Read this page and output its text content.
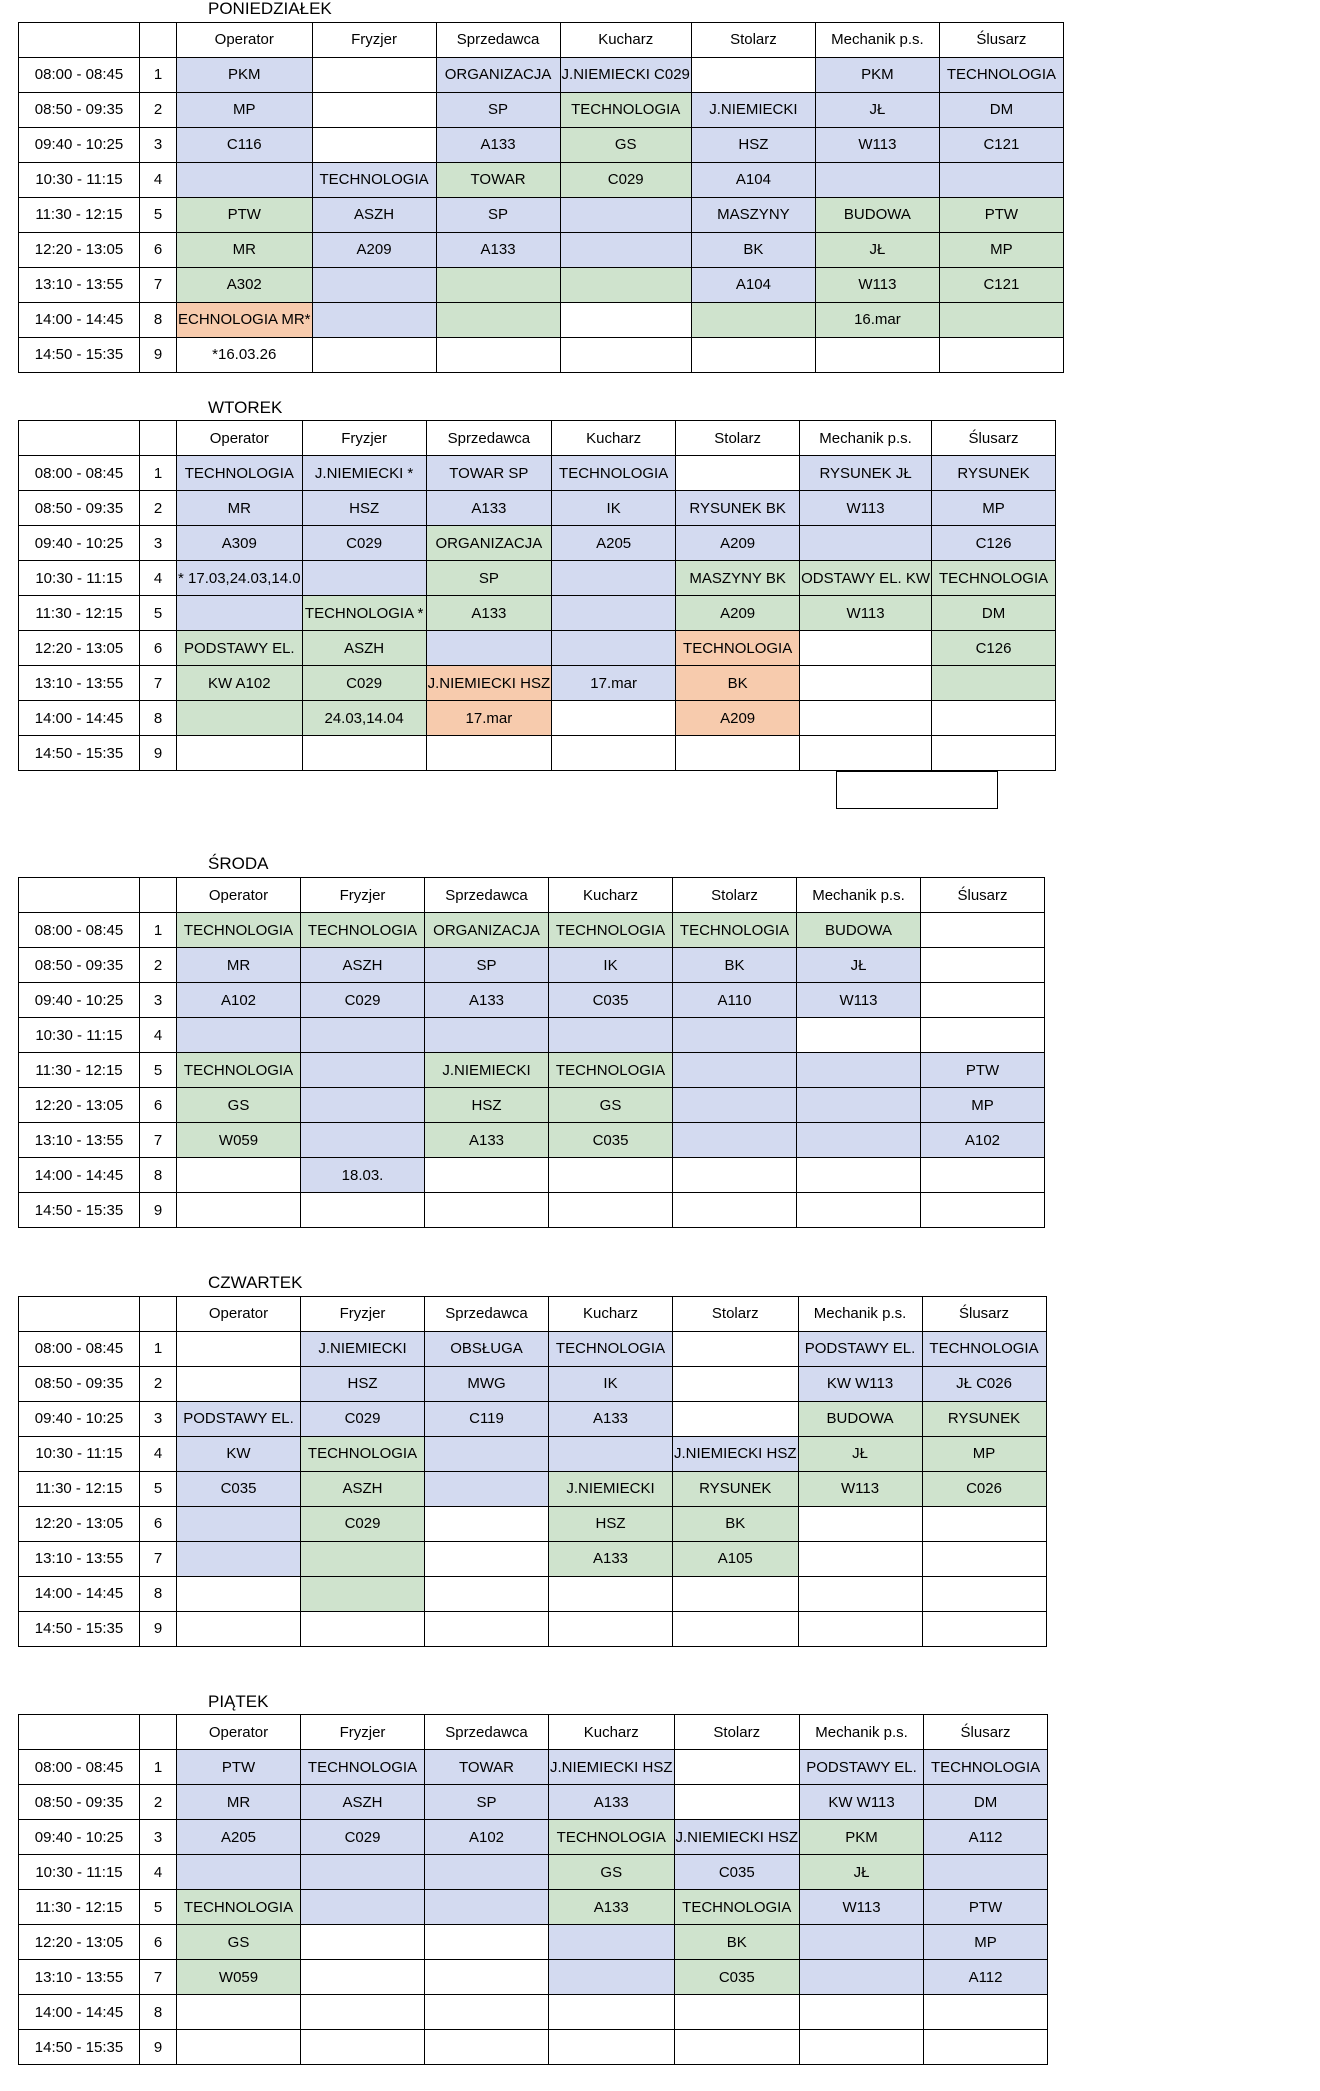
PONIEDZIAŁEK
		Operator	Fryzjer	Sprzedawca	Kucharz	Stolarz	Mechanik p.s.	Ślusarz
08:00 - 08:45	1	PKM		ORGANIZACJA	J.NIEMIECKI C029		PKM	TECHNOLOGIA
08:50 - 09:35	2	MP		SP	TECHNOLOGIA	J.NIEMIECKI	JŁ	DM
09:40 - 10:25	3	C116		A133	GS	HSZ	W113	C121
10:30 - 11:15	4		TECHNOLOGIA	TOWAR	C029	A104		
11:30 - 12:15	5	PTW	ASZH	SP		MASZYNY	BUDOWA	PTW
12:20 - 13:05	6	MR	A209	A133		BK	JŁ	MP
13:10 - 13:55	7	A302				A104	W113	C121
14:00 - 14:45	8	ECHNOLOGIA MR*					16.mar	
14:50 - 15:35	9	*16.03.26						
WTOREK
		Operator	Fryzjer	Sprzedawca	Kucharz	Stolarz	Mechanik p.s.	Ślusarz
08:00 - 08:45	1	TECHNOLOGIA	J.NIEMIECKI *	TOWAR SP	TECHNOLOGIA		RYSUNEK JŁ	RYSUNEK
08:50 - 09:35	2	MR	HSZ	A133	IK	RYSUNEK BK	W113	MP
09:40 - 10:25	3	A309	C029	ORGANIZACJA	A205	A209		C126
10:30 - 11:15	4	* 17.03,24.03,14.0		SP		MASZYNY BK	ODSTAWY EL. KW	TECHNOLOGIA
11:30 - 12:15	5		TECHNOLOGIA *	A133		A209	W113	DM
12:20 - 13:05	6	PODSTAWY EL.	ASZH			TECHNOLOGIA		C126
13:10 - 13:55	7	KW A102	C029	J.NIEMIECKI HSZ	17.mar	BK		
14:00 - 14:45	8		24.03,14.04	17.mar		A209		
14:50 - 15:35	9							
ŚRODA
		Operator	Fryzjer	Sprzedawca	Kucharz	Stolarz	Mechanik p.s.	Ślusarz
08:00 - 08:45	1	TECHNOLOGIA	TECHNOLOGIA	ORGANIZACJA	TECHNOLOGIA	TECHNOLOGIA	BUDOWA	
08:50 - 09:35	2	MR	ASZH	SP	IK	BK	JŁ	
09:40 - 10:25	3	A102	C029	A133	C035	A110	W113	
10:30 - 11:15	4							
11:30 - 12:15	5	TECHNOLOGIA		J.NIEMIECKI	TECHNOLOGIA			PTW
12:20 - 13:05	6	GS		HSZ	GS			MP
13:10 - 13:55	7	W059		A133	C035			A102
14:00 - 14:45	8		18.03.					
14:50 - 15:35	9							
CZWARTEK
		Operator	Fryzjer	Sprzedawca	Kucharz	Stolarz	Mechanik p.s.	Ślusarz
08:00 - 08:45	1		J.NIEMIECKI	OBSŁUGA	TECHNOLOGIA		PODSTAWY EL.	TECHNOLOGIA
08:50 - 09:35	2		HSZ	MWG	IK		KW W113	JŁ C026
09:40 - 10:25	3	PODSTAWY EL.	C029	C119	A133		BUDOWA	RYSUNEK
10:30 - 11:15	4	KW	TECHNOLOGIA			J.NIEMIECKI HSZ	JŁ	MP
11:30 - 12:15	5	C035	ASZH		J.NIEMIECKI	RYSUNEK	W113	C026
12:20 - 13:05	6		C029		HSZ	BK		
13:10 - 13:55	7				A133	A105		
14:00 - 14:45	8							
14:50 - 15:35	9							
PIĄTEK
		Operator	Fryzjer	Sprzedawca	Kucharz	Stolarz	Mechanik p.s.	Ślusarz
08:00 - 08:45	1	PTW	TECHNOLOGIA	TOWAR	J.NIEMIECKI HSZ		PODSTAWY EL.	TECHNOLOGIA
08:50 - 09:35	2	MR	ASZH	SP	A133		KW W113	DM
09:40 - 10:25	3	A205	C029	A102	TECHNOLOGIA	J.NIEMIECKI HSZ	PKM	A112
10:30 - 11:15	4				GS	C035	JŁ	
11:30 - 12:15	5	TECHNOLOGIA			A133	TECHNOLOGIA	W113	PTW
12:20 - 13:05	6	GS				BK		MP
13:10 - 13:55	7	W059				C035		A112
14:00 - 14:45	8							
14:50 - 15:35	9							
